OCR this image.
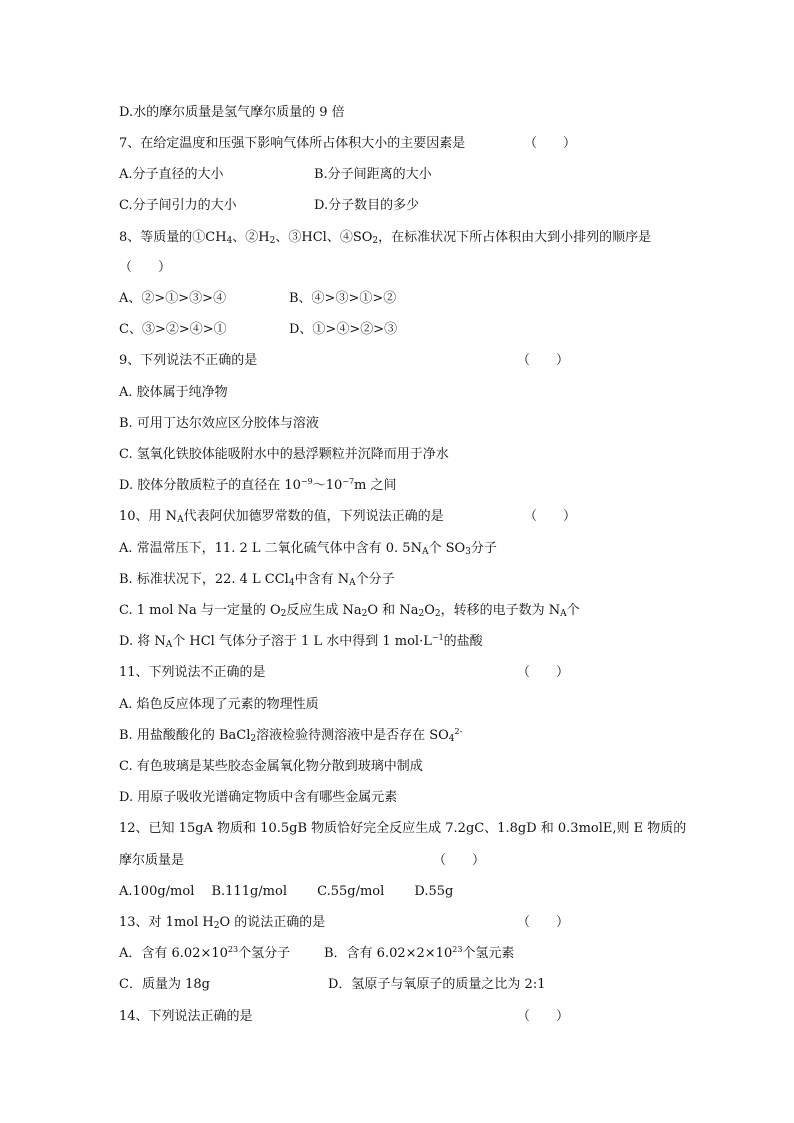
D.水的摩尔质量是氢气摩尔质量的 9 倍
7、在给定温度和压强下影响气体所占体积大小的主要因素是	（　　）
A.分子直径的大小	B.分子间距离的大小
C.分子间引力的大小	D.分子数目的多少
8、等质量的$①CH_4$、$②H_2$、③HCl、$④SO_2$，在标准状况下所占体积由大到小排列的顺序是
（　　）
A、②>①>③>④	B、④>③>①>②
C、③>②>④>①	D、①>④>②>③
9、下列说法不正确的是	（　　）
A. 胶体属于纯净物
B. 可用丁达尔效应区分胶体与溶液
C. 氢氧化铁胶体能吸附水中的悬浮颗粒并沉降而用于净水
D. 胶体分散质粒子的直径在 $10^{-9}\sim 10^{-7}m$ 之间
10、用 $N_A$代表阿伏加德罗常数的值，下列说法正确的是	（　　）
A. 常温常压下，11. 2 L 二氧化硫气体中含有 0. $5N_A$个 $SO_3$分子
B. 标准状况下，22. 4 L CCl$_4$中含有 $N_A$个分子
C. 1 mol Na 与一定量的 $O_2$反应生成 $Na_2O$ 和 $Na_2O_2$，转移的电子数为 $N_A$个
D. 将 $N_A$个 HCl 气体分子溶于 1 L 水中得到 1 $mol\cdot L^{-1}$的盐酸
11、下列说法不正确的是	（　　）
A. 焰色反应体现了元素的物理性质
B. 用盐酸酸化的 BaCl$_2$溶液检验待测溶液中是否存在 $SO_4^{2-}$
C. 有色玻璃是某些胶态金属氧化物分散到玻璃中制成
D. 用原子吸收光谱确定物质中含有哪些金属元素
12、已知 15gA 物质和 10.5gB 物质恰好完全反应生成 7.2gC、1.8gD 和 0.3molE,则 E 物质的
摩尔质量是	（　　）
A.100g/mol　 B.111g/mol　　 C.55g/mol　　 D.55g
13、对 1mol $H_2O$ 的说法正确的是	（　　）
A．含有 $6.02\times 10^{23}$个氢分子	B．含有 $6.02\times 2\times 10^{23}$个氢元素
C．质量为 18g	D．氢原子与氧原子的质量之比为 2:1
14、下列说法正确的是	（　　）
